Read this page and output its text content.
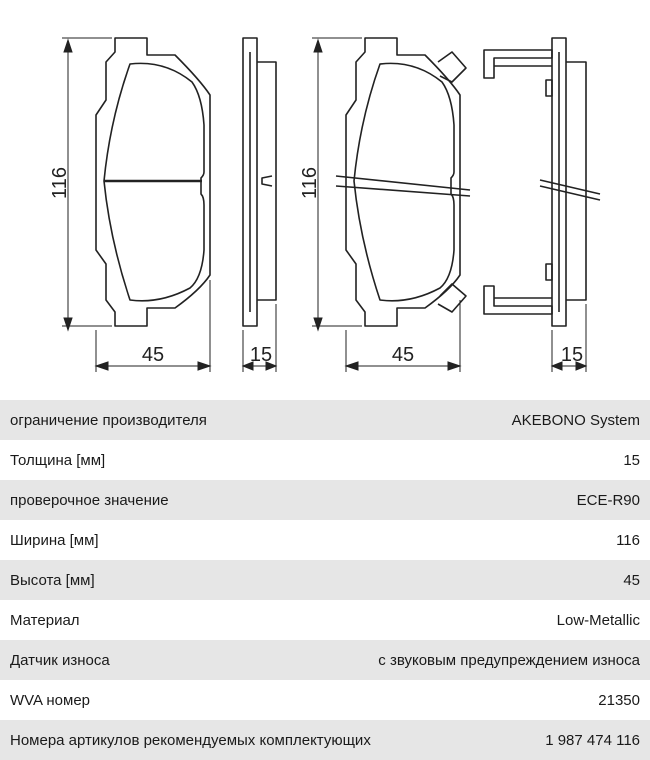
116
45	15
116
45	15
ограничение производителя	AKEBONO System
Толщина [мм]	15
проверочное значение	ECE-R90
Ширина [мм]	116
Высота [мм]	45
Материал	Low-Metallic
Датчик износа	с звуковым предупреждением износа
WVA номер	21350
Номера артикулов рекомендуемых комплектующих	1 987 474 116
